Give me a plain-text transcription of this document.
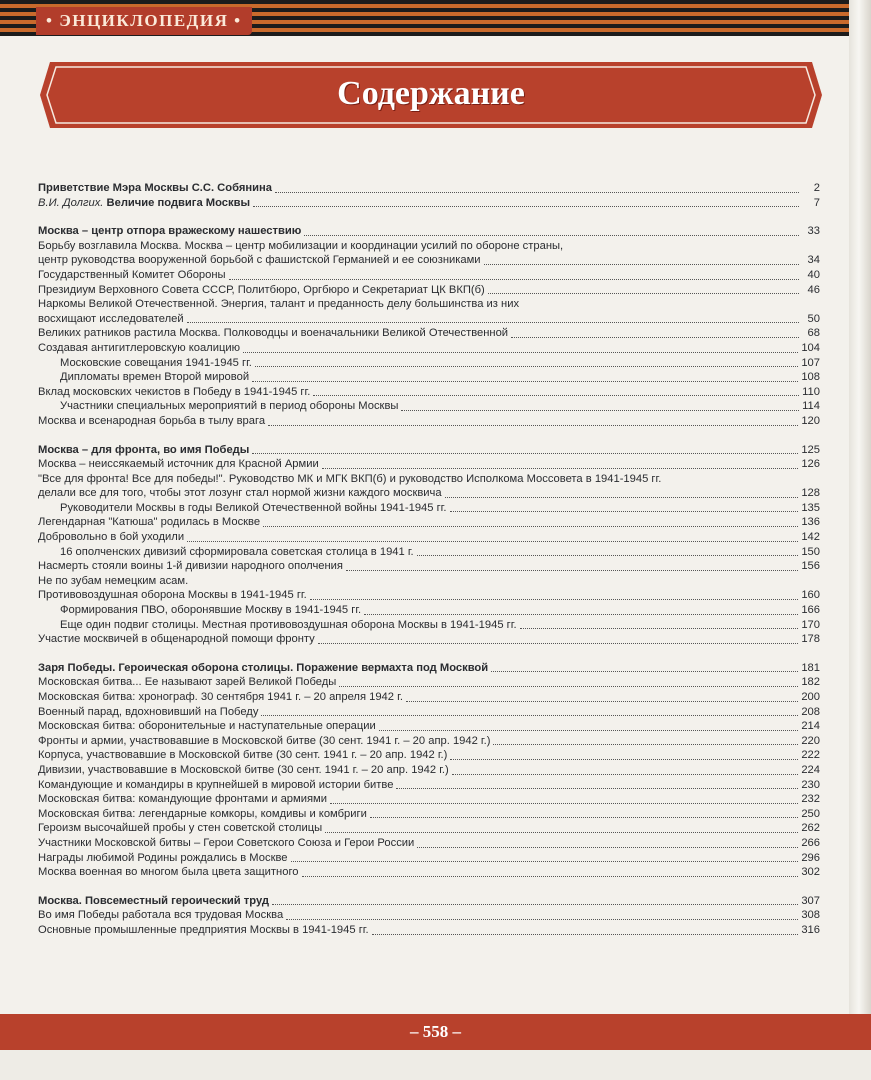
• ЭНЦИКЛОПЕДИЯ •
Содержание
Приветствие Мэра Москвы С.С. Собянина	2
В.И. Долгих. Величие подвига Москвы	7
Москва – центр отпора вражескому нашествию	33
Борьбу возглавила Москва. Москва – центр мобилизации и координации усилий по обороне страны,
центр руководства вооруженной борьбой с фашистской Германией и ее союзниками	34
Государственный Комитет Обороны	40
Президиум Верховного Совета СССР, Политбюро, Оргбюро и Секретариат ЦК ВКП(б)	46
Наркомы Великой Отечественной. Энергия, талант и преданность делу большинства из них
восхищают исследователей	50
Великих ратников растила Москва. Полководцы и военачальники Великой Отечественной	68
Создавая антигитлеровскую коалицию	104
Московские совещания 1941-1945 гг.	107
Дипломаты времен Второй мировой	108
Вклад московских чекистов в Победу в 1941-1945 гг.	110
Участники специальных мероприятий в период обороны Москвы	114
Москва и всенародная борьба в тылу врага	120
Москва – для фронта, во имя Победы	125
Москва – неиссякаемый источник для Красной Армии	126
"Все для фронта! Все для победы!". Руководство МК и МГК ВКП(б) и руководство Исполкома Моссовета в 1941-1945 гг.
делали все для того, чтобы этот лозунг стал нормой жизни каждого москвича	128
Руководители Москвы в годы Великой Отечественной войны 1941-1945 гг.	135
Легендарная "Катюша" родилась в Москве	136
Добровольно в бой уходили	142
16 ополченских дивизий сформировала советская столица в 1941 г.	150
Насмерть стояли воины 1-й дивизии народного ополчения	156
Не по зубам немецким асам.
Противовоздушная оборона Москвы в 1941-1945 гг.	160
Формирования ПВО, оборонявшие Москву в 1941-1945 гг.	166
Еще один подвиг столицы. Местная противовоздушная оборона Москвы в 1941-1945 гг.	170
Участие москвичей в общенародной помощи фронту	178
Заря Победы. Героическая оборона столицы. Поражение вермахта под Москвой	181
Московская битва... Ее называют зарей Великой Победы	182
Московская битва: хронограф. 30 сентября 1941 г. – 20 апреля 1942 г.	200
Военный парад, вдохновивший на Победу	208
Московская битва: оборонительные и наступательные операции	214
Фронты и армии, участвовавшие в Московской битве (30 сент. 1941 г. – 20 апр. 1942 г.)	220
Корпуса, участвовавшие в Московской битве (30 сент. 1941 г. – 20 апр. 1942 г.)	222
Дивизии, участвовавшие в Московской битве (30 сент. 1941 г. – 20 апр. 1942 г.)	224
Командующие и командиры в крупнейшей в мировой истории битве	230
Московская битва: командующие фронтами и армиями	232
Московская битва: легендарные комкоры, комдивы и комбриги	250
Героизм высочайшей пробы у стен советской столицы	262
Участники Московской битвы – Герои Советского Союза и Герои России	266
Награды любимой Родины рождались в Москве	296
Москва военная во многом была цвета защитного	302
Москва. Повсеместный героический труд	307
Во имя Победы работала вся трудовая Москва	308
Основные промышленные предприятия Москвы в 1941-1945 гг.	316
– 558 –
